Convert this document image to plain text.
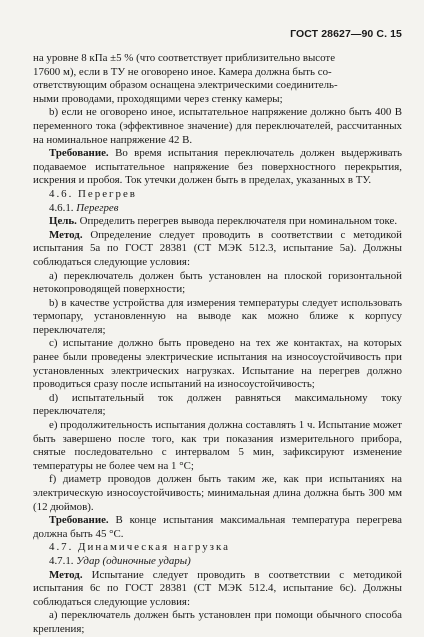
ГОСТ 28627—90 С. 15

на уровне 8 кПа ±5 % (что соответствует приблизительно высоте

17600 м), если в ТУ не оговорено иное. Камера должна быть со-

ответствующим образом оснащена электрическими соединитель-

ными проводами, проходящими через стенку камеры;

b) если не оговорено иное, испытательное напряжение должно быть 400 В переменного тока (эффективное значение) для переключателей, рассчитанных на номинальное напряжение 42 В.

Требование. Во время испытания переключатель должен выдерживать подаваемое испытательное напряжение без поверхностного перекрытия, искрения и пробоя. Ток утечки должен быть в пределах, указанных в ТУ.

4.6. Перегрев

4.6.1. Перегрев

Цель. Определить перегрев вывода переключателя при номинальном токе.

Метод. Определение следует проводить в соответствии с методикой испытания 5а по ГОСТ 28381 (СТ МЭК 512.3, испытание 5а). Должны соблюдаться следующие условия:

а) переключатель должен быть установлен на плоской горизонтальной нетокопроводящей поверхности;

b) в качестве устройства для измерения температуры следует использовать термопару, установленную на выводе как можно ближе к корпусу переключателя;

c) испытание должно быть проведено на тех же контактах, на которых ранее были проведены электрические испытания на износоустойчивость при установленных электрических нагрузках. Испытание на перегрев должно проводиться сразу после испытаний на износоустойчивость;

d) испытательный ток должен равняться максимальному току переключателя;

e) продолжительность испытания должна составлять 1 ч. Испытание может быть завершено после того, как три показания измерительного прибора, снятые последовательно с интервалом 5 мин, зафиксируют изменение температуры не более чем на 1 °С;

f) диаметр проводов должен быть таким же, как при испытаниях на электрическую износоустойчивость; минимальная длина должна быть 300 мм (12 дюймов).

Требование. В конце испытания максимальная температура перегрева должна быть 45 °С.

4.7. Динамическая нагрузка

4.7.1. Удар (одиночные удары)

Метод. Испытание следует проводить в соответствии с методикой испытания 6с по ГОСТ 28381 (СТ МЭК 512.4, испытание 6с). Должны соблюдаться следующие условия:

а) переключатель должен быть установлен при помощи обычного способа крепления;
